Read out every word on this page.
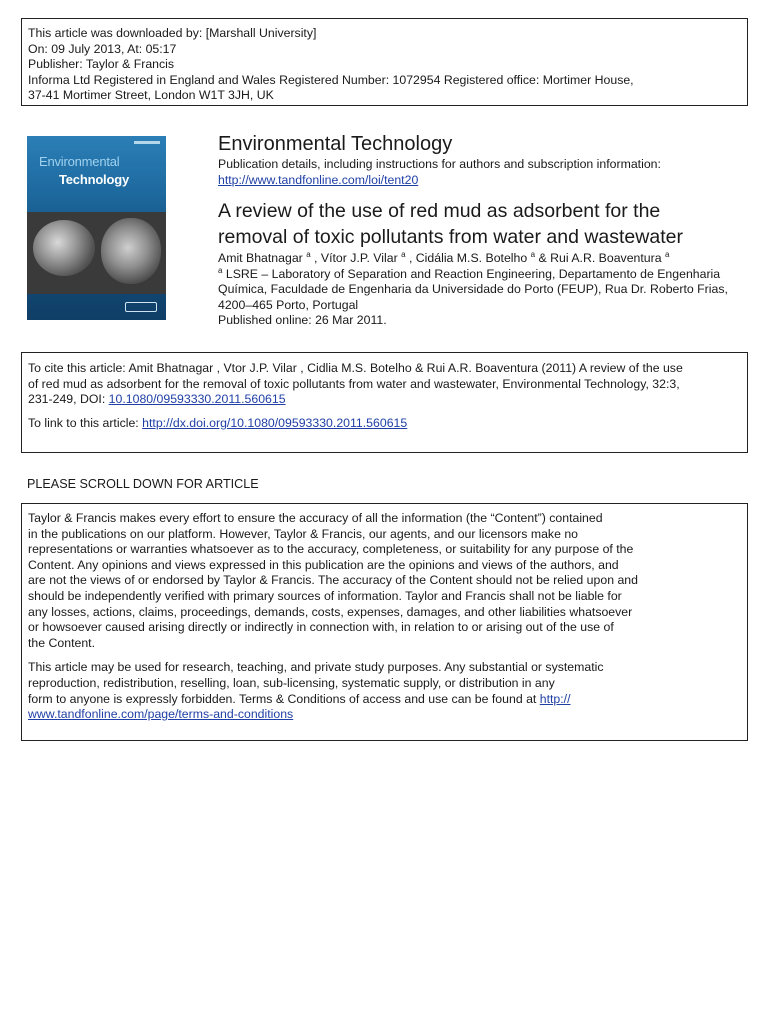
This article was downloaded by: [Marshall University]
On: 09 July 2013, At: 05:17
Publisher: Taylor & Francis
Informa Ltd Registered in England and Wales Registered Number: 1072954 Registered office: Mortimer House,
37-41 Mortimer Street, London W1T 3JH, UK
Environmental
Technology
Environmental Technology
Publication details, including instructions for authors and subscription information:
http://www.tandfonline.com/loi/tent20
A review of the use of red mud as adsorbent for the
removal of toxic pollutants from water and wastewater
Amit Bhatnagar $^a$ , Vítor J.P. Vilar $^a$ , Cidália M.S. Botelho $^a$ & Rui A.R. Boaventura $^a$
$^a$ LSRE – Laboratory of Separation and Reaction Engineering, Departamento de Engenharia
Química, Faculdade de Engenharia da Universidade do Porto (FEUP), Rua Dr. Roberto Frias,
4200–465 Porto, Portugal
Published online: 26 Mar 2011.
To cite this article: Amit Bhatnagar , Vtor J.P. Vilar , Cidlia M.S. Botelho & Rui A.R. Boaventura (2011) A review of the use
of red mud as adsorbent for the removal of toxic pollutants from water and wastewater, Environmental Technology, 32:3,
231-249, DOI: 10.1080/09593330.2011.560615
To link to this article: http://dx.doi.org/10.1080/09593330.2011.560615
PLEASE SCROLL DOWN FOR ARTICLE
Taylor & Francis makes every effort to ensure the accuracy of all the information (the “Content”) contained
in the publications on our platform. However, Taylor & Francis, our agents, and our licensors make no
representations or warranties whatsoever as to the accuracy, completeness, or suitability for any purpose of the
Content. Any opinions and views expressed in this publication are the opinions and views of the authors, and
are not the views of or endorsed by Taylor & Francis. The accuracy of the Content should not be relied upon and
should be independently verified with primary sources of information. Taylor and Francis shall not be liable for
any losses, actions, claims, proceedings, demands, costs, expenses, damages, and other liabilities whatsoever
or howsoever caused arising directly or indirectly in connection with, in relation to or arising out of the use of
the Content.
This article may be used for research, teaching, and private study purposes. Any substantial or systematic
reproduction, redistribution, reselling, loan, sub-licensing, systematic supply, or distribution in any
form to anyone is expressly forbidden. Terms & Conditions of access and use can be found at http://
www.tandfonline.com/page/terms-and-conditions
